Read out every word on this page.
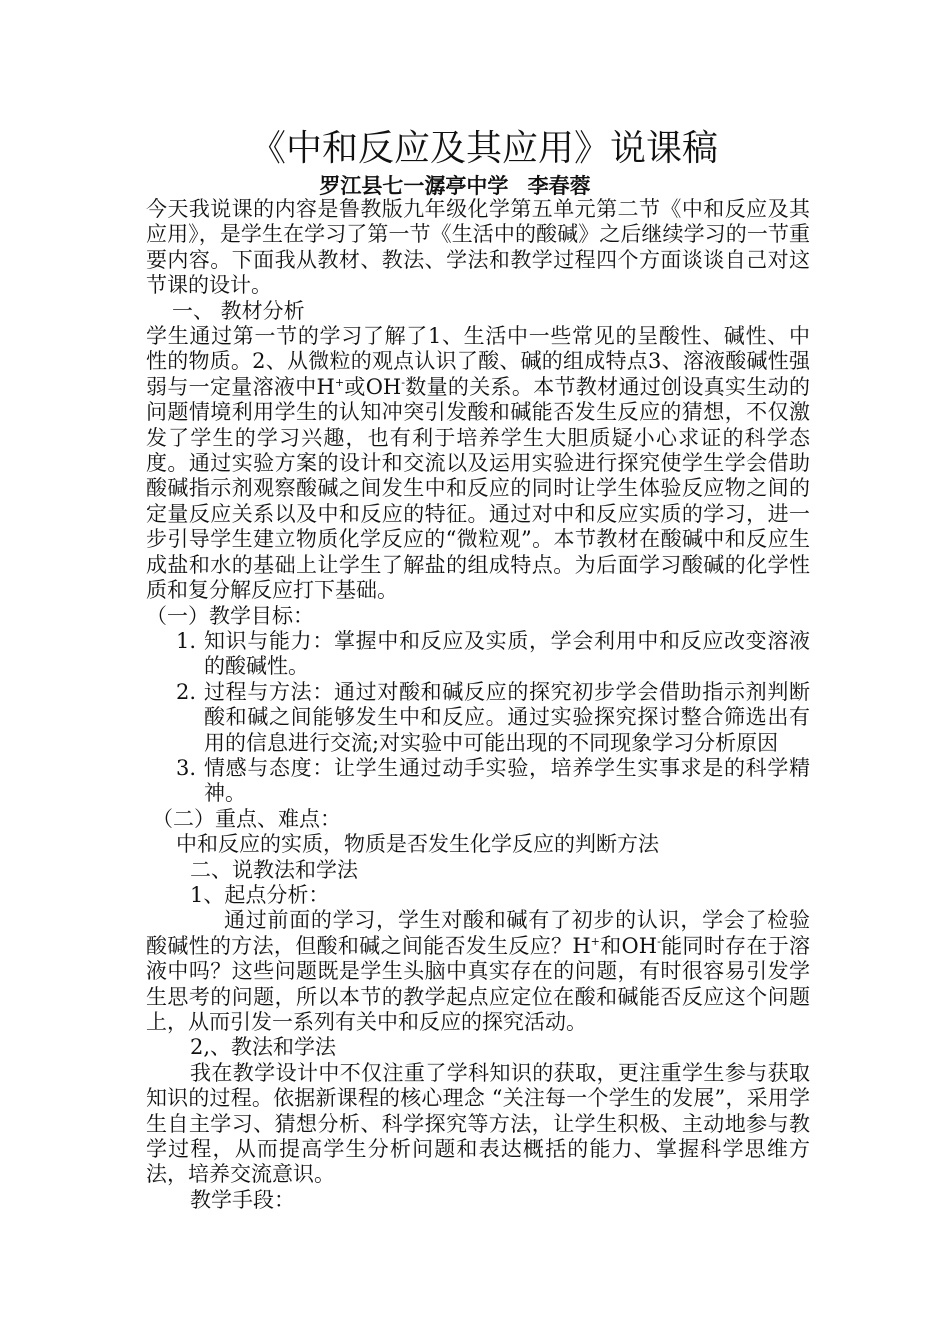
《中和反应及其应用》说课稿
罗江县七一潺亭中学 李春蓉

今天我说课的内容是鲁教版九年级化学第五单元第二节《中和反应及其应用》，是学生在学习了第一节《生活中的酸碱》之后继续学习的一节重要内容。下面我从教材、教法、学法和教学过程四个方面谈谈自己对这节课的设计。

一、 教材分析

学生通过第一节的学习了解了1、生活中一些常见的呈酸性、碱性、中性的物质。2、从微粒的观点认识了酸、碱的组成特点3、溶液酸碱性强弱与一定量溶液中H+或OH-数量的关系。本节教材通过创设真实生动的问题情境利用学生的认知冲突引发酸和碱能否发生反应的猜想，不仅激发了学生的学习兴趣，也有利于培养学生大胆质疑小心求证的科学态度。通过实验方案的设计和交流以及运用实验进行探究使学生学会借助酸碱指示剂观察酸碱之间发生中和反应的同时让学生体验反应物之间的定量反应关系以及中和反应的特征。通过对中和反应实质的学习，进一步引导学生建立物质化学反应的“微粒观”。本节教材在酸碱中和反应生成盐和水的基础上让学生了解盐的组成特点。为后面学习酸碱的化学性质和复分解反应打下基础。

（一）教学目标：

1. 知识与能力：掌握中和反应及实质，学会利用中和反应改变溶液的酸碱性。
2. 过程与方法：通过对酸和碱反应的探究初步学会借助指示剂判断酸和碱之间能够发生中和反应。通过实验探究探讨整合筛选出有用的信息进行交流;对实验中可能出现的不同现象学习分析原因
3. 情感与态度：让学生通过动手实验，培养学生实事求是的科学精神。

（二）重点、难点：

中和反应的实质，物质是否发生化学反应的判断方法

二、说教法和学法

1、起点分析：

通过前面的学习，学生对酸和碱有了初步的认识，学会了检验酸碱性的方法，但酸和碱之间能否发生反应？H+和OH-能同时存在于溶液中吗？这些问题既是学生头脑中真实存在的问题，有时很容易引发学生思考的问题，所以本节的教学起点应定位在酸和碱能否反应这个问题上，从而引发一系列有关中和反应的探究活动。

2,、教法和学法

我在教学设计中不仅注重了学科知识的获取，更注重学生参与获取知识的过程。依据新课程的核心理念 “关注每一个学生的发展”，采用学生自主学习、猜想分析、科学探究等方法，让学生积极、主动地参与教学过程，从而提高学生分析问题和表达概括的能力、掌握科学思维方法，培养交流意识。

教学手段：
